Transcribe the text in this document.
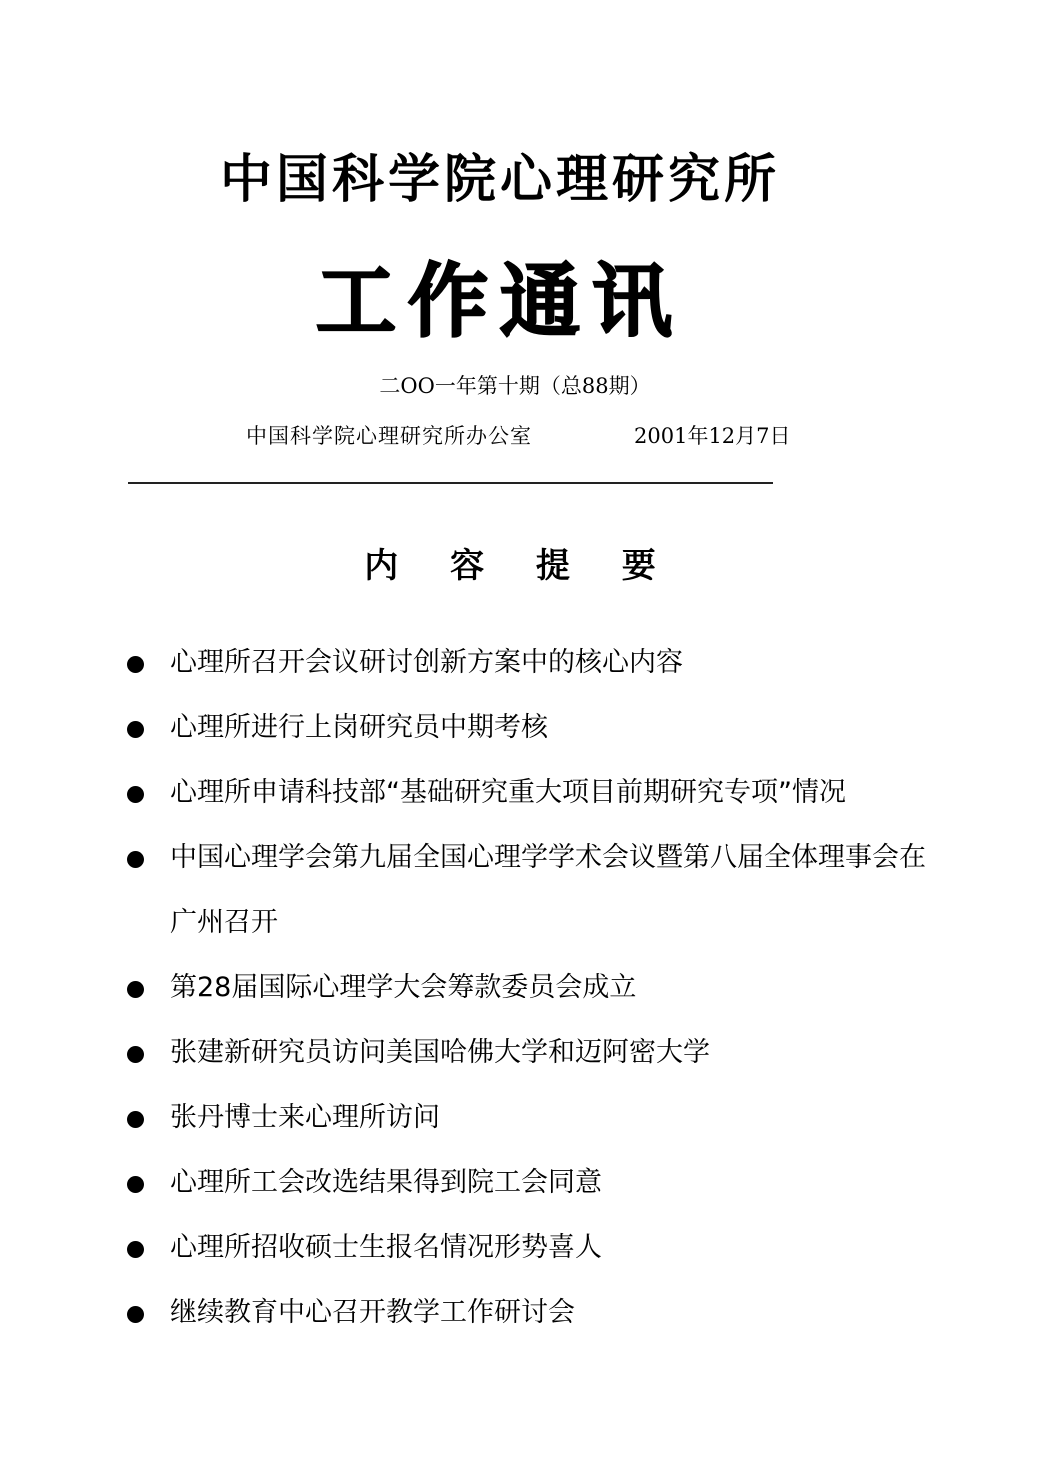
中国科学院心理研究所
工作通讯
二OO一年第十期（总88期）
中国科学院心理研究所办公室	2001年12月7日
内 容 提 要
心理所召开会议研讨创新方案中的核心内容
心理所进行上岗研究员中期考核
心理所申请科技部“基础研究重大项目前期研究专项”情况
中国心理学会第九届全国心理学学术会议暨第八届全体理事会在广州召开
第28届国际心理学大会筹款委员会成立
张建新研究员访问美国哈佛大学和迈阿密大学
张丹博士来心理所访问
心理所工会改选结果得到院工会同意
心理所招收硕士生报名情况形势喜人
继续教育中心召开教学工作研讨会
